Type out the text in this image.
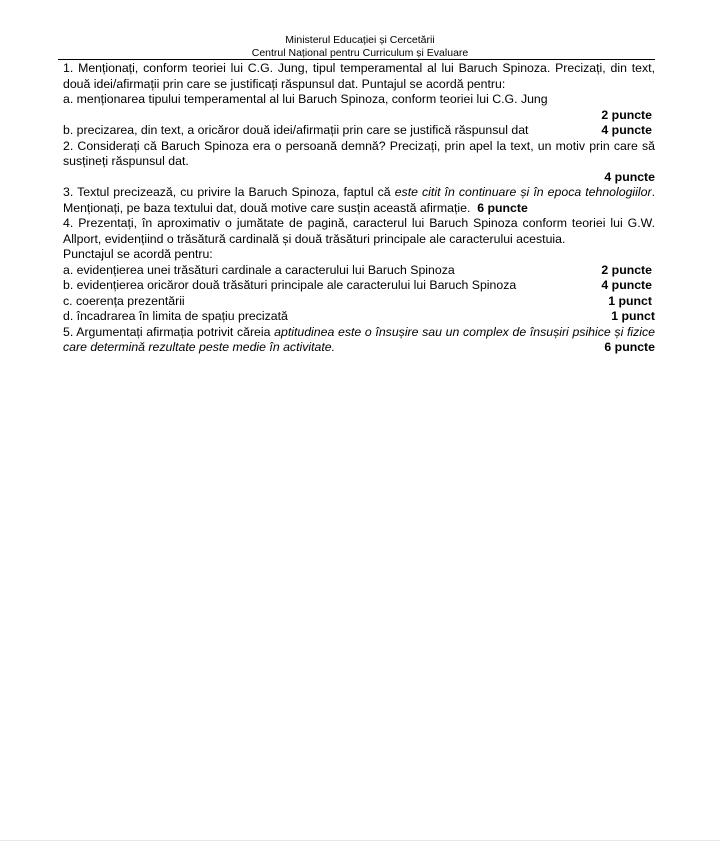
Ministerul Educației și Cercetării
Centrul Național pentru Curriculum și Evaluare

1. Menționați, conform teoriei lui C.G. Jung, tipul temperamental al lui Baruch Spinoza. Precizați, din text, două idei/afirmații prin care se justificați răspunsul dat. Puntajul se acordă pentru:

a. menționarea tipului temperamental al lui Baruch Spinoza, conform teoriei lui C.G. Jung

2 puncte

b. precizarea, din text, a oricăror două idei/afirmații prin care se justifică răspunsul dat	4 puncte

2. Considerați că Baruch Spinoza era o persoană demnă? Precizați, prin apel la text, un motiv prin care să susțineți răspunsul dat.

4 puncte

3. Textul precizează, cu privire la Baruch Spinoza, faptul că este citit în continuare și în epoca tehnologiilor. Menționați, pe baza textului dat, două motive care susțin această afirmație. 6 puncte

4. Prezentați, în aproximativ o jumătate de pagină, caracterul lui Baruch Spinoza conform teoriei lui G.W. Allport, evidențiind o trăsătură cardinală și două trăsături principale ale caracterului acestuia.

Punctajul se acordă pentru:

a. evidențierea unei trăsături cardinale a caracterului lui Baruch Spinoza	2 puncte
b. evidențierea oricăror două trăsături principale ale caracterului lui Baruch Spinoza	4 puncte
c. coerența prezentării	1 punct
d. încadrarea în limita de spațiu precizată	1 punct

5. Argumentați afirmația potrivit căreia aptitudinea este o însușire sau un complex de însușiri psihice și fizice care determină rezultate peste medie în activitate.	6 puncte
